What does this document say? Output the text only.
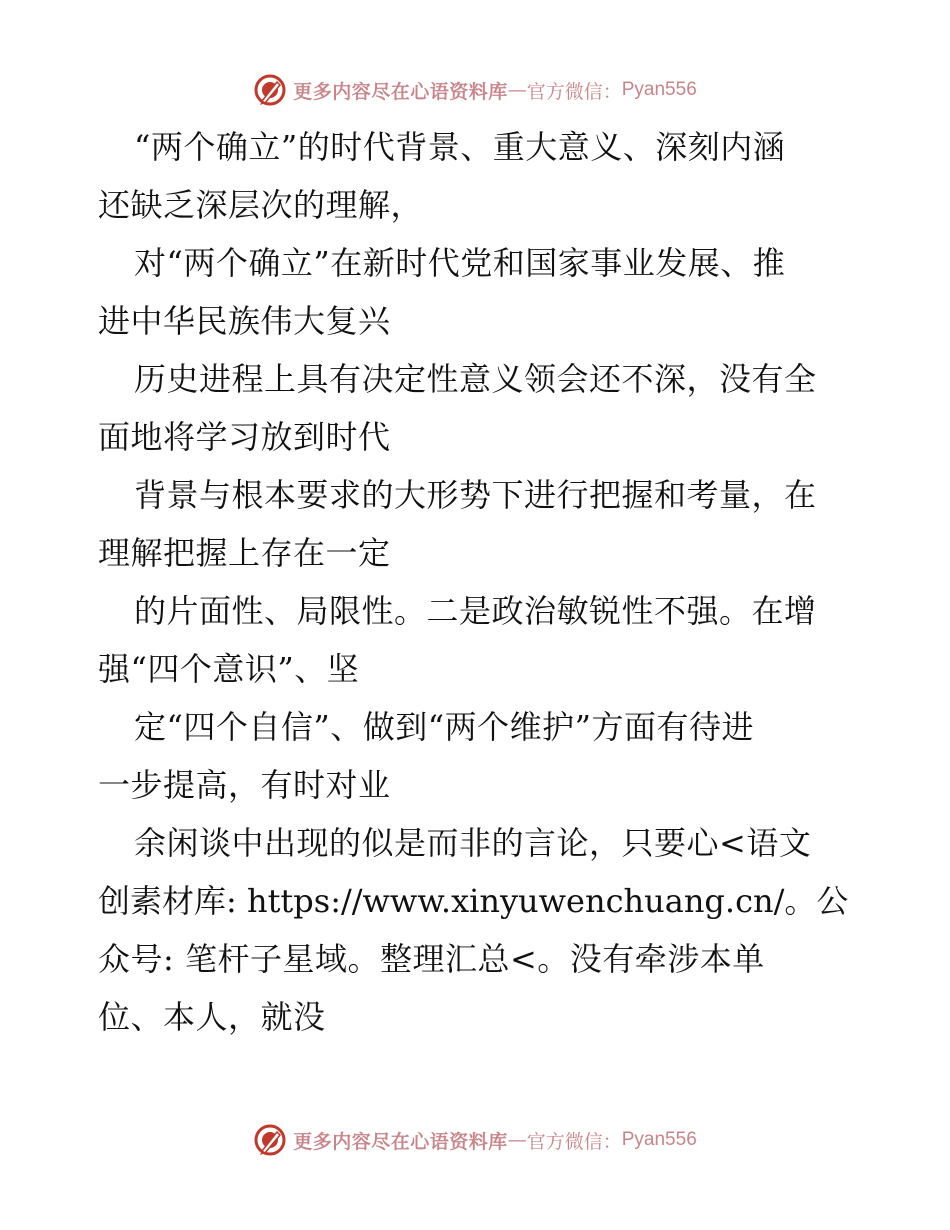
更多内容尽在心语资料库 — 官方微信： Pyan556
“两个确立”的时代背景、重大意义、深刻内涵
还缺乏深层次的理解，
对“两个确立”在新时代党和国家事业发展、推
进中华民族伟大复兴
历史进程上具有决定性意义领会还不深，没有全
面地将学习放到时代
背景与根本要求的大形势下进行把握和考量，在
理解把握上存在一定
的片面性、局限性。二是政治敏锐性不强。在增
强“四个意识”、坚
定“四个自信”、做到“两个维护”方面有待进
一步提高，有时对业
余闲谈中出现的似是而非的言论，只要心<语文
创素材库: https://www.xinyuwenchuang.cn/。公
众号: 笔杆子星域。整理汇总<。没有牵涉本单
位、本人，就没
更多内容尽在心语资料库 — 官方微信： Pyan556
